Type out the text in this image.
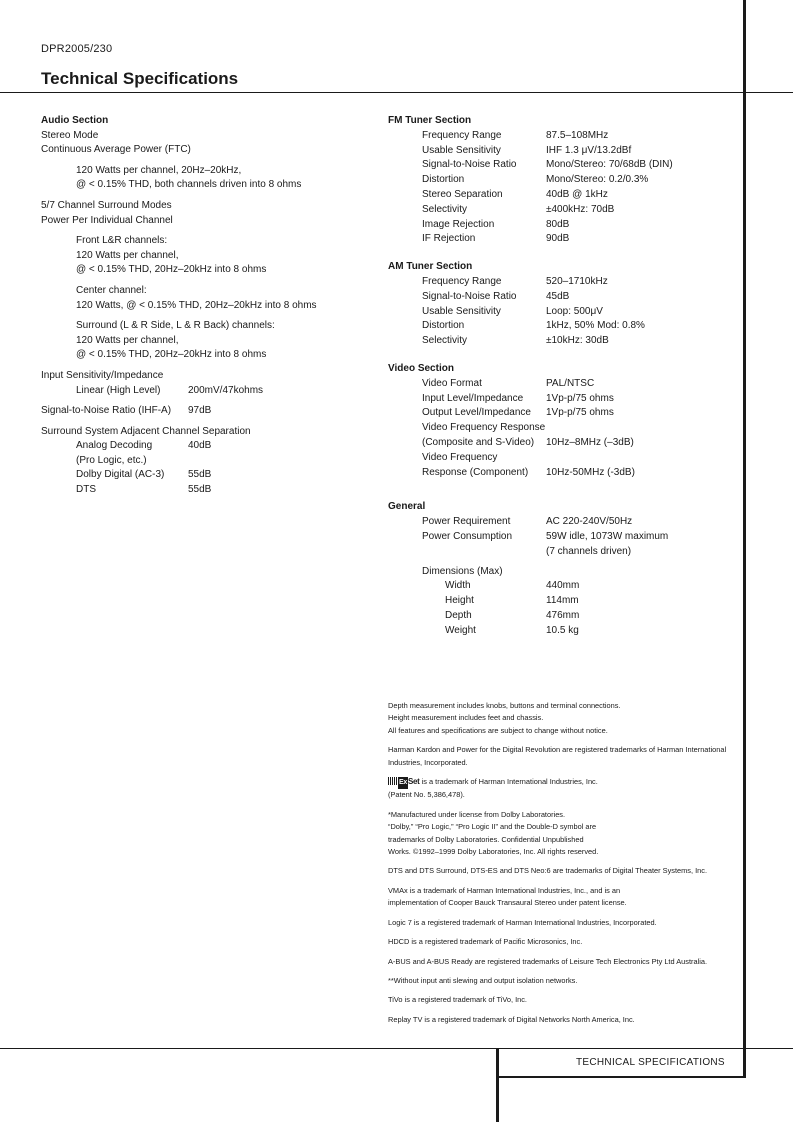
DPR2005/230
Technical Specifications
TECHNICAL SPECIFICATIONS
Audio Section
Stereo Mode
Continuous Average Power (FTC)
120 Watts per channel, 20Hz–20kHz,
@ < 0.15% THD, both channels driven into 8 ohms
5/7 Channel Surround Modes
Power Per Individual Channel
Front L&R channels:
120 Watts per channel,
@ < 0.15% THD, 20Hz–20kHz into 8 ohms
Center channel:
120 Watts, @ < 0.15% THD, 20Hz–20kHz into 8 ohms
Surround (L & R Side, L & R Back) channels:
120 Watts per channel,
@ < 0.15% THD, 20Hz–20kHz into 8 ohms
Input Sensitivity/Impedance
Linear (High Level)	200mV/47kohms
Signal-to-Noise Ratio (IHF-A)	97dB
Surround System Adjacent Channel Separation
Analog Decoding	40dB
(Pro Logic, etc.)
Dolby Digital (AC-3)	55dB
DTS	55dB
FM Tuner Section
Frequency Range	87.5–108MHz
Usable Sensitivity	IHF 1.3 μV/13.2dBf
Signal-to-Noise Ratio	Mono/Stereo: 70/68dB (DIN)
Distortion	Mono/Stereo: 0.2/0.3%
Stereo Separation	40dB @ 1kHz
Selectivity	±400kHz: 70dB
Image Rejection	80dB
IF Rejection	90dB
AM Tuner Section
Frequency Range	520–1710kHz
Signal-to-Noise Ratio	45dB
Usable Sensitivity	Loop: 500μV
Distortion	1kHz, 50% Mod: 0.8%
Selectivity	±10kHz: 30dB
Video Section
Video Format	PAL/NTSC
Input Level/Impedance	1Vp-p/75 ohms
Output Level/Impedance	1Vp-p/75 ohms
Video Frequency Response
(Composite and S-Video)	10Hz–8MHz (–3dB)
Video Frequency
Response (Component)	10Hz-50MHz (-3dB)
General
Power Requirement	AC 220-240V/50Hz
Power Consumption	59W idle, 1073W maximum
(7 channels driven)
Dimensions (Max)
Width	440mm
Height	114mm
Depth	476mm
Weight	10.5 kg

Depth measurement includes knobs, buttons and terminal connections.
Height measurement includes feet and chassis.
All features and specifications are subject to change without notice.

Harman Kardon and Power for the Digital Revolution are registered trademarks of Harman International Industries, Incorporated.

ExSet is a trademark of Harman International Industries, Inc.
(Patent No. 5,386,478).

*Manufactured under license from Dolby Laboratories.
“Dolby,” “Pro Logic,” “Pro Logic II” and the Double-D symbol are
trademarks of Dolby Laboratories. Confidential Unpublished
Works. ©1992–1999 Dolby Laboratories, Inc. All rights reserved.

DTS and DTS Surround, DTS-ES and DTS Neo:6 are trademarks of Digital Theater Systems, Inc.

VMAx is a trademark of Harman International Industries, Inc., and is an
implementation of Cooper Bauck Transaural Stereo under patent license.

Logic 7 is a registered trademark of Harman International Industries, Incorporated.

HDCD is a registered trademark of Pacific Microsonics, Inc.

A-BUS and A-BUS Ready are registered trademarks of Leisure Tech Electronics Pty Ltd Australia.

**Without input anti slewing and output isolation networks.

TiVo is a registered trademark of TiVo, Inc.

Replay TV is a registered trademark of Digital Networks North America, Inc.
